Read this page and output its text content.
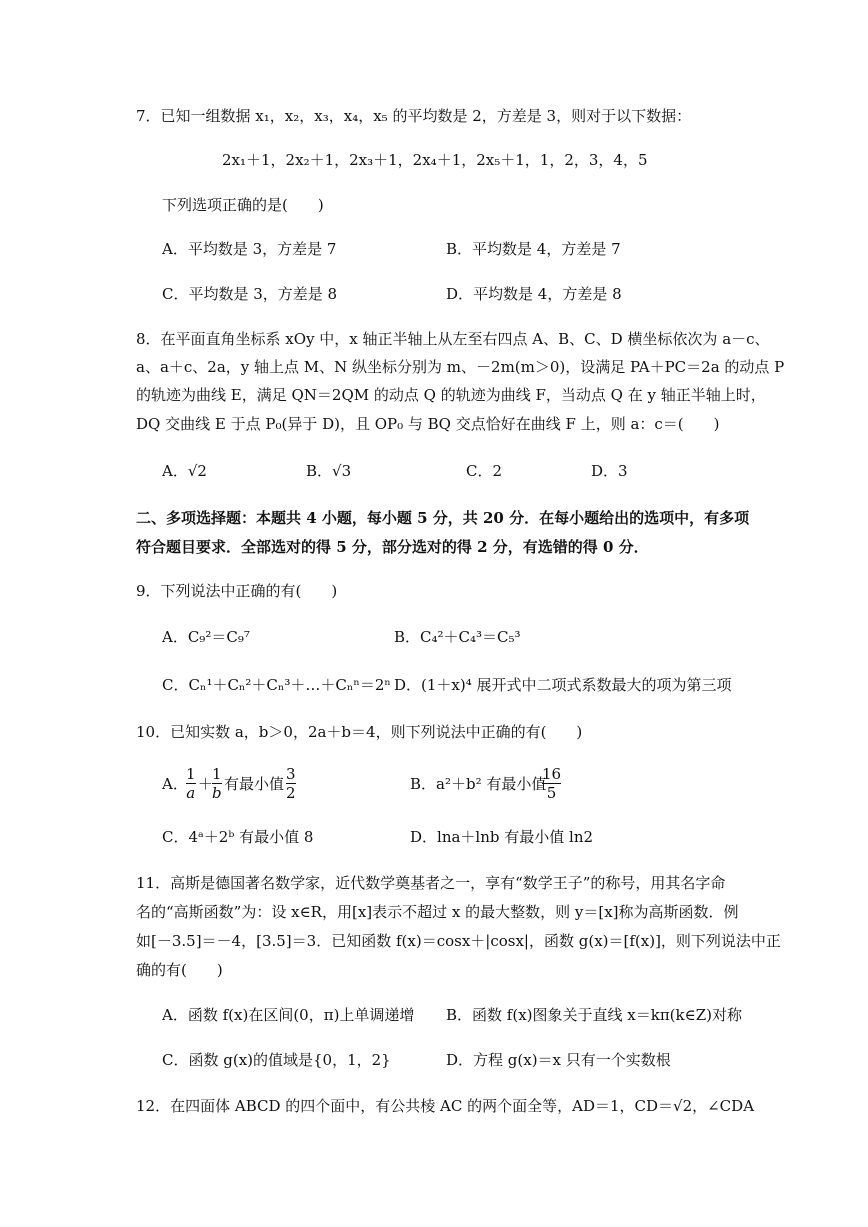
7．已知一组数据 x₁，x₂，x₃，x₄，x₅ 的平均数是 2，方差是 3，则对于以下数据：
2x₁＋1，2x₂＋1，2x₃＋1，2x₄＋1，2x₅＋1，1，2，3，4，5
下列选项正确的是(　　)
A．平均数是 3，方差是 7	B．平均数是 4，方差是 7
C．平均数是 3，方差是 8	D．平均数是 4，方差是 8
8．在平面直角坐标系 xOy 中，x 轴正半轴上从左至右四点 A、B、C、D 横坐标依次为 a－c、
a、a＋c、2a，y 轴上点 M、N 纵坐标分别为 m、－2m(m＞0)，设满足 PA＋PC＝2a 的动点 P
的轨迹为曲线 E，满足 QN＝2QM 的动点 Q 的轨迹为曲线 F，当动点 Q 在 y 轴正半轴上时，
DQ 交曲线 E 于点 P₀(异于 D)，且 OP₀ 与 BQ 交点恰好在曲线 F 上，则 a：c＝(　　)
A．√2	B．√3	C．2	D．3
二、多项选择题：本题共 4 小题，每小题 5 分，共 20 分．在每小题给出的选项中，有多项
符合题目要求．全部选对的得 5 分，部分选对的得 2 分，有选错的得 0 分．
9．下列说法中正确的有(　　)
A．C₉²＝C₉⁷	B．C₄²＋C₄³＝C₅³
C．Cₙ¹＋Cₙ²＋Cₙ³＋…＋Cₙⁿ＝2ⁿ D．(1＋x)⁴ 展开式中二项式系数最大的项为第三项
10．已知实数 a，b＞0，2a＋b＝4，则下列说法中正确的有(　　)
A．
1
a ＋
1
b 有最小值
3
2	B．a²＋b² 有最小值
16
5
C．4ᵃ＋2ᵇ 有最小值 8	D．lna＋lnb 有最小值 ln2
11．高斯是德国著名数学家，近代数学奠基者之一，享有“数学王子”的称号，用其名字命
名的“高斯函数”为：设 x∈R，用[x]表示不超过 x 的最大整数，则 y＝[x]称为高斯函数．例
如[－3.5]＝－4，[3.5]＝3．已知函数 f(x)＝cosx＋|cosx|，函数 g(x)＝[f(x)]，则下列说法中正
确的有(　　)
A．函数 f(x)在区间(0，π)上单调递增 B．函数 f(x)图象关于直线 x＝kπ(k∈Z)对称
C．函数 g(x)的值域是{0，1，2}	D．方程 g(x)＝x 只有一个实数根
12．在四面体 ABCD 的四个面中，有公共棱 AC 的两个面全等，AD＝1，CD＝√2，∠CDA
